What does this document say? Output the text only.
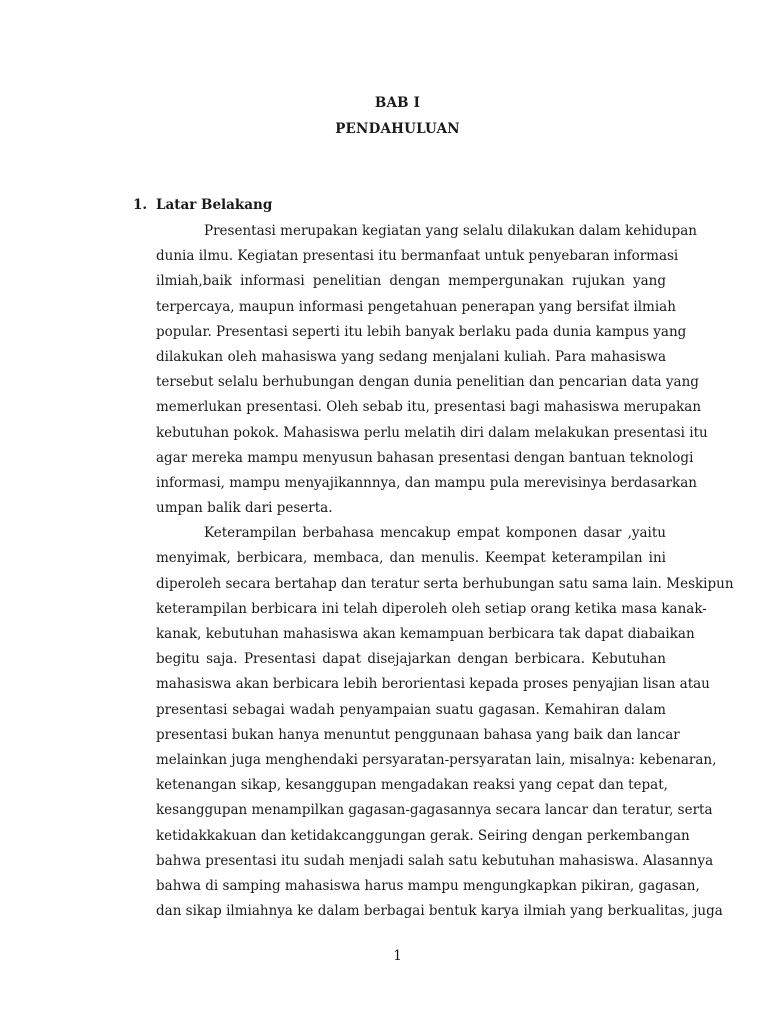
BAB I
PENDAHULUAN
1. Latar Belakang
Presentasi merupakan kegiatan yang selalu dilakukan dalam kehidupan
dunia ilmu. Kegiatan presentasi itu bermanfaat untuk penyebaran informasi
ilmiah,baik informasi penelitian dengan mempergunakan rujukan yang
terpercaya, maupun informasi pengetahuan penerapan yang bersifat ilmiah
popular. Presentasi seperti itu lebih banyak berlaku pada dunia kampus yang
dilakukan oleh mahasiswa yang sedang menjalani kuliah. Para mahasiswa
tersebut selalu berhubungan dengan dunia penelitian dan pencarian data yang
memerlukan presentasi. Oleh sebab itu, presentasi bagi mahasiswa merupakan
kebutuhan pokok. Mahasiswa perlu melatih diri dalam melakukan presentasi itu
agar mereka mampu menyusun bahasan presentasi dengan bantuan teknologi
informasi, mampu menyajikannnya, dan mampu pula merevisinya berdasarkan
umpan balik dari peserta.
Keterampilan berbahasa mencakup empat komponen dasar ,yaitu
menyimak, berbicara, membaca, dan menulis. Keempat keterampilan ini
diperoleh secara bertahap dan teratur serta berhubungan satu sama lain. Meskipun
keterampilan berbicara ini telah diperoleh oleh setiap orang ketika masa kanak-
kanak, kebutuhan mahasiswa akan kemampuan berbicara tak dapat diabaikan
begitu saja. Presentasi dapat disejajarkan dengan berbicara. Kebutuhan
mahasiswa akan berbicara lebih berorientasi kepada proses penyajian lisan atau
presentasi sebagai wadah penyampaian suatu gagasan. Kemahiran dalam
presentasi bukan hanya menuntut penggunaan bahasa yang baik dan lancar
melainkan juga menghendaki persyaratan-persyaratan lain, misalnya: kebenaran,
ketenangan sikap, kesanggupan mengadakan reaksi yang cepat dan tepat,
kesanggupan menampilkan gagasan-gagasannya secara lancar dan teratur, serta
ketidakkakuan dan ketidakcanggungan gerak. Seiring dengan perkembangan
bahwa presentasi itu sudah menjadi salah satu kebutuhan mahasiswa. Alasannya
bahwa di samping mahasiswa harus mampu mengungkapkan pikiran, gagasan,
dan sikap ilmiahnya ke dalam berbagai bentuk karya ilmiah yang berkualitas, juga
1
